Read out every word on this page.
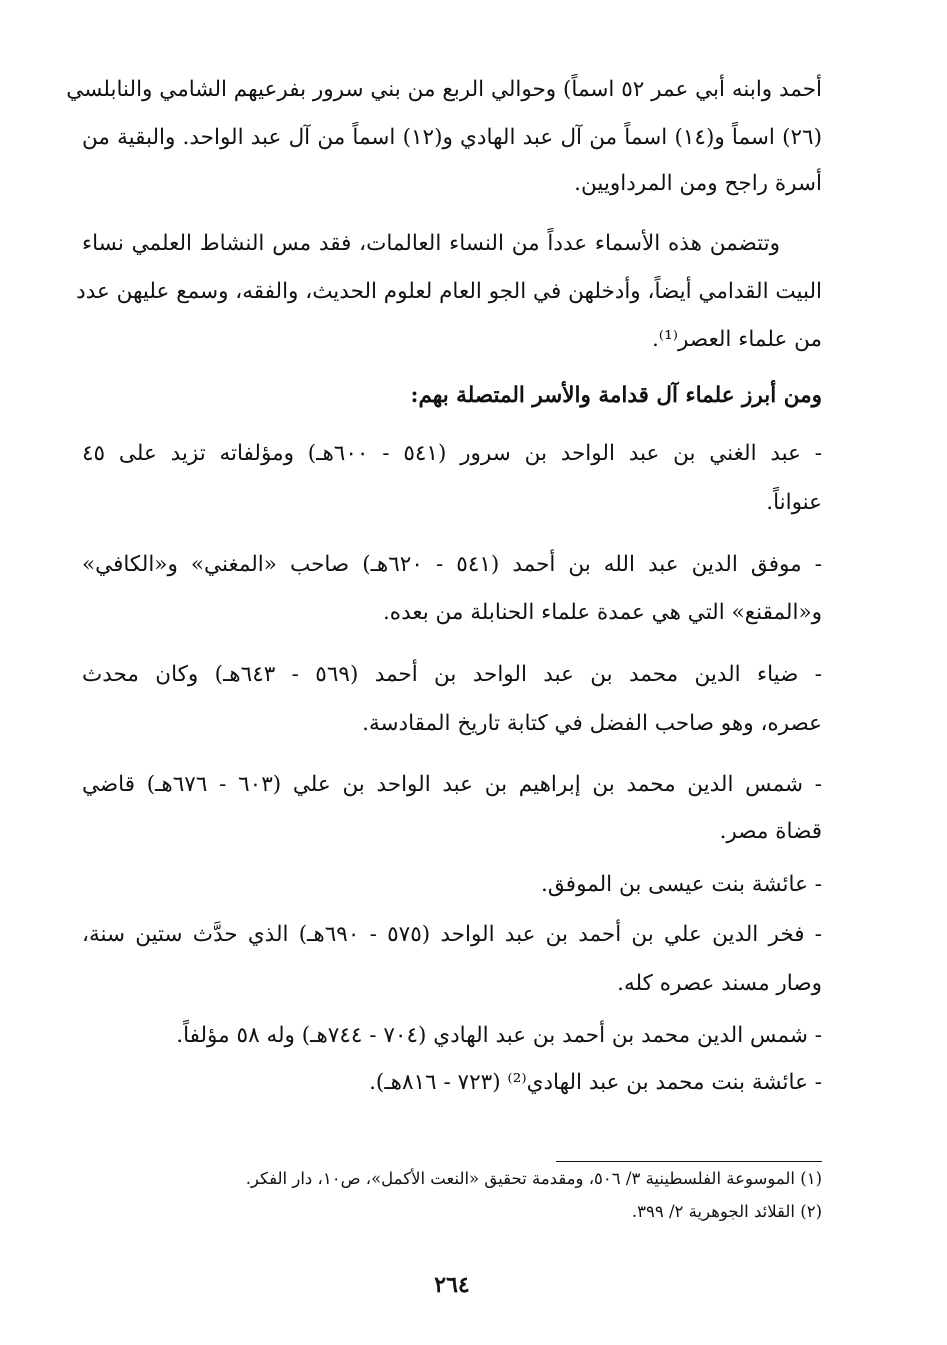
أحمد وابنه أبي عمر ٥٢ اسماً) وحوالي الربع من بني سرور بفرعيهم الشامي والنابلسي
(٢٦) اسماً و(١٤) اسماً من آل عبد الهادي و(١٢) اسماً من آل عبد الواحد. والبقية من
أسرة راجح ومن المرداويين.
وتتضمن هذه الأسماء عدداً من النساء العالمات، فقد مس النشاط العلمي نساء
البيت القدامي أيضاً، وأدخلهن في الجو العام لعلوم الحديث، والفقه، وسمع عليهن عدد
من علماء العصر⁽¹⁾.
ومن أبرز علماء آل قدامة والأسر المتصلة بهم:
- عبد الغني بن عبد الواحد بن سرور (٥٤١ - ٦٠٠هـ) ومؤلفاته تزيد على ٤٥
عنواناً.
- موفق الدين عبد الله بن أحمد (٥٤١ - ٦٢٠هـ) صاحب «المغني» و«الكافي»
و«المقنع» التي هي عمدة علماء الحنابلة من بعده.
- ضياء الدين محمد بن عبد الواحد بن أحمد (٥٦٩ - ٦٤٣هـ) وكان محدث
عصره، وهو صاحب الفضل في كتابة تاريخ المقادسة.
- شمس الدين محمد بن إبراهيم بن عبد الواحد بن علي (٦٠٣ - ٦٧٦هـ) قاضي
قضاة مصر.
- عائشة بنت عيسى بن الموفق.
- فخر الدين علي بن أحمد بن عبد الواحد (٥٧٥ - ٦٩٠هـ) الذي حدَّث ستين سنة،
وصار مسند عصره كله.
- شمس الدين محمد بن أحمد بن عبد الهادي (٧٠٤ - ٧٤٤هـ) وله ٥٨ مؤلفاً.
- عائشة بنت محمد بن عبد الهادي⁽²⁾ (٧٢٣ - ٨١٦هـ).
(١) الموسوعة الفلسطينية ٣/ ٥٠٦، ومقدمة تحقيق «النعت الأكمل»، ص١٠، دار الفكر.
(٢) القلائد الجوهرية ٢/ ٣٩٩.
٢٦٤
